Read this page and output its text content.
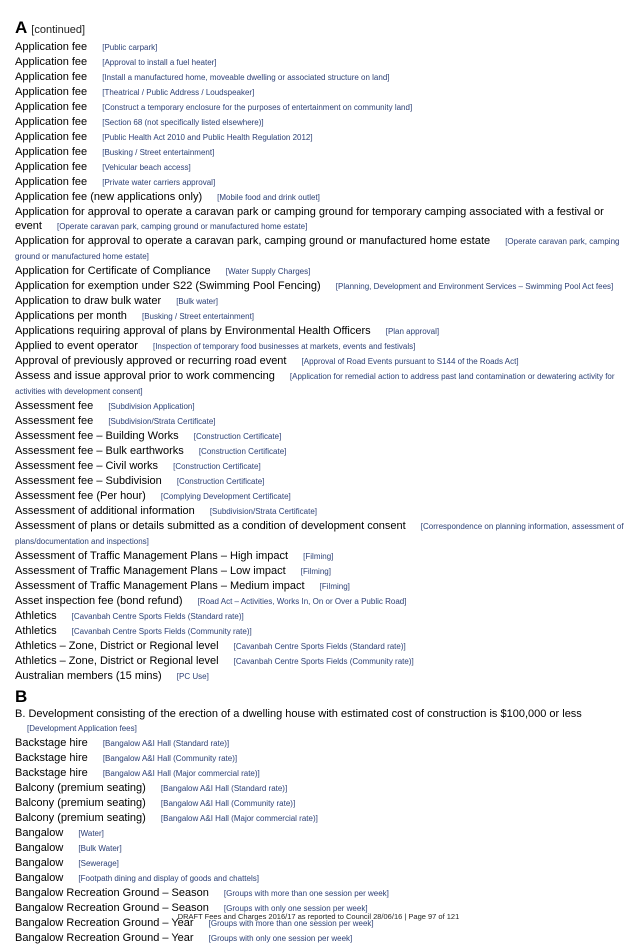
A [continued]
Application fee [Public carpark]
Application fee [Approval to install a fuel heater]
Application fee [Install a manufactured home, moveable dwelling or associated structure on land]
Application fee [Theatrical / Public Address / Loudspeaker]
Application fee [Construct a temporary enclosure for the purposes of entertainment on community land]
Application fee [Section 68 (not specifically listed elsewhere)]
Application fee [Public Health Act 2010 and Public Health Regulation 2012]
Application fee [Busking / Street entertainment]
Application fee [Vehicular beach access]
Application fee [Private water carriers approval]
Application fee (new applications only) [Mobile food and drink outlet]
Application for approval to operate a caravan park or camping ground for temporary camping associated with a festival or event [Operate caravan park, camping ground or manufactured home estate]
Application for approval to operate a caravan park, camping ground or manufactured home estate [Operate caravan park, camping ground or manufactured home estate]
Application for Certificate of Compliance [Water Supply Charges]
Application for exemption under S22 (Swimming Pool Fencing) [Planning, Development and Environment Services – Swimming Pool Act fees]
Application to draw bulk water [Bulk water]
Applications per month [Busking / Street entertainment]
Applications requiring approval of plans by Environmental Health Officers [Plan approval]
Applied to event operator [Inspection of temporary food businesses at markets, events and festivals]
Approval of previously approved or recurring road event [Approval of Road Events pursuant to S144 of the Roads Act]
Assess and issue approval prior to work commencing [Application for remedial action to address past land contamination or dewatering activity for activities with development consent]
Assessment fee [Subdivision Application]
Assessment fee [Subdivision/Strata Certificate]
Assessment fee – Building Works [Construction Certificate]
Assessment fee – Bulk earthworks [Construction Certificate]
Assessment fee – Civil works [Construction Certificate]
Assessment fee – Subdivision [Construction Certificate]
Assessment fee (Per hour) [Complying Development Certificate]
Assessment of additional information [Subdivision/Strata Certificate]
Assessment of plans or details submitted as a condition of development consent [Correspondence on planning information, assessment of plans/documentation and inspections]
Assessment of Traffic Management Plans – High impact [Filming]
Assessment of Traffic Management Plans – Low impact [Filming]
Assessment of Traffic Management Plans – Medium impact [Filming]
Asset inspection fee (bond refund) [Road Act – Activities, Works In, On or Over a Public Road]
Athletics [Cavanbah Centre Sports Fields (Standard rate)]
Athletics [Cavanbah Centre Sports Fields (Community rate)]
Athletics – Zone, District or Regional level [Cavanbah Centre Sports Fields (Standard rate)]
Athletics – Zone, District or Regional level [Cavanbah Centre Sports Fields (Community rate)]
Australian members (15 mins) [PC Use]
B
B. Development consisting of the erection of a dwelling house with estimated cost of construction is $100,000 or less [Development Application fees]
Backstage hire [Bangalow A&I Hall (Standard rate)]
Backstage hire [Bangalow A&I Hall (Community rate)]
Backstage hire [Bangalow A&I Hall (Major commercial rate)]
Balcony (premium seating) [Bangalow A&I Hall (Standard rate)]
Balcony (premium seating) [Bangalow A&I Hall (Community rate)]
Balcony (premium seating) [Bangalow A&I Hall (Major commercial rate)]
Bangalow [Water]
Bangalow [Bulk Water]
Bangalow [Sewerage]
Bangalow [Footpath dining and display of goods and chattels]
Bangalow Recreation Ground – Season [Groups with more than one session per week]
Bangalow Recreation Ground – Season [Groups with only one session per week]
Bangalow Recreation Ground – Year [Groups with more than one session per week]
Bangalow Recreation Ground – Year [Groups with only one session per week]
DRAFT Fees and Charges 2016/17 as reported to Council 28/06/16 | Page 97 of 121
